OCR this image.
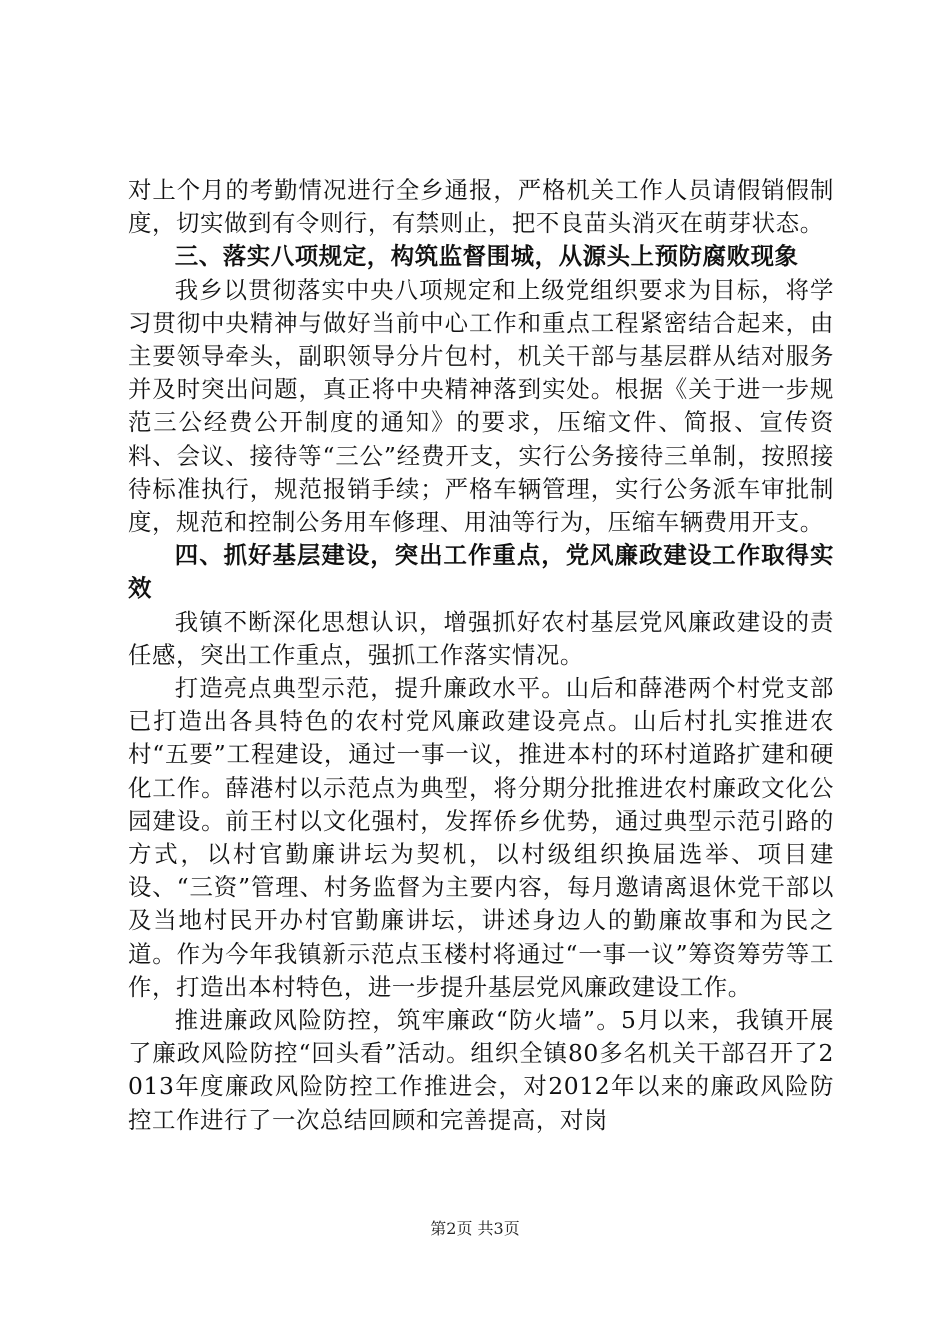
对上个月的考勤情况进行全乡通报，严格机关工作人员请假销假制度，切实做到有令则行，有禁则止，把不良苗头消灭在萌芽状态。

三、落实八项规定，构筑监督围城，从源头上预防腐败现象

我乡以贯彻落实中央八项规定和上级党组织要求为目标，将学习贯彻中央精神与做好当前中心工作和重点工程紧密结合起来，由主要领导牵头，副职领导分片包村，机关干部与基层群从结对服务并及时突出问题，真正将中央精神落到实处。根据《关于进一步规范三公经费公开制度的通知》的要求，压缩文件、简报、宣传资料、会议、接待等“三公”经费开支，实行公务接待三单制，按照接待标准执行，规范报销手续；严格车辆管理，实行公务派车审批制度，规范和控制公务用车修理、用油等行为，压缩车辆费用开支。

四、抓好基层建设，突出工作重点，党风廉政建设工作取得实效

我镇不断深化思想认识，增强抓好农村基层党风廉政建设的责任感，突出工作重点，强抓工作落实情况。

打造亮点典型示范，提升廉政水平。山后和薛港两个村党支部已打造出各具特色的农村党风廉政建设亮点。山后村扎实推进农村“五要”工程建设，通过一事一议，推进本村的环村道路扩建和硬化工作。薛港村以示范点为典型，将分期分批推进农村廉政文化公园建设。前王村以文化强村，发挥侨乡优势，通过典型示范引路的方式，以村官勤廉讲坛为契机，以村级组织换届选举、项目建设、“三资”管理、村务监督为主要内容，每月邀请离退休党干部以及当地村民开办村官勤廉讲坛，讲述身边人的勤廉故事和为民之道。作为今年我镇新示范点玉楼村将通过“一事一议”筹资筹劳等工作，打造出本村特色，进一步提升基层党风廉政建设工作。

推进廉政风险防控，筑牢廉政“防火墙”。5月以来，我镇开展了廉政风险防控“回头看”活动。组织全镇80多名机关干部召开了2013年度廉政风险防控工作推进会，对2012年以来的廉政风险防控工作进行了一次总结回顾和完善提高，对岗

第2页 共3页
